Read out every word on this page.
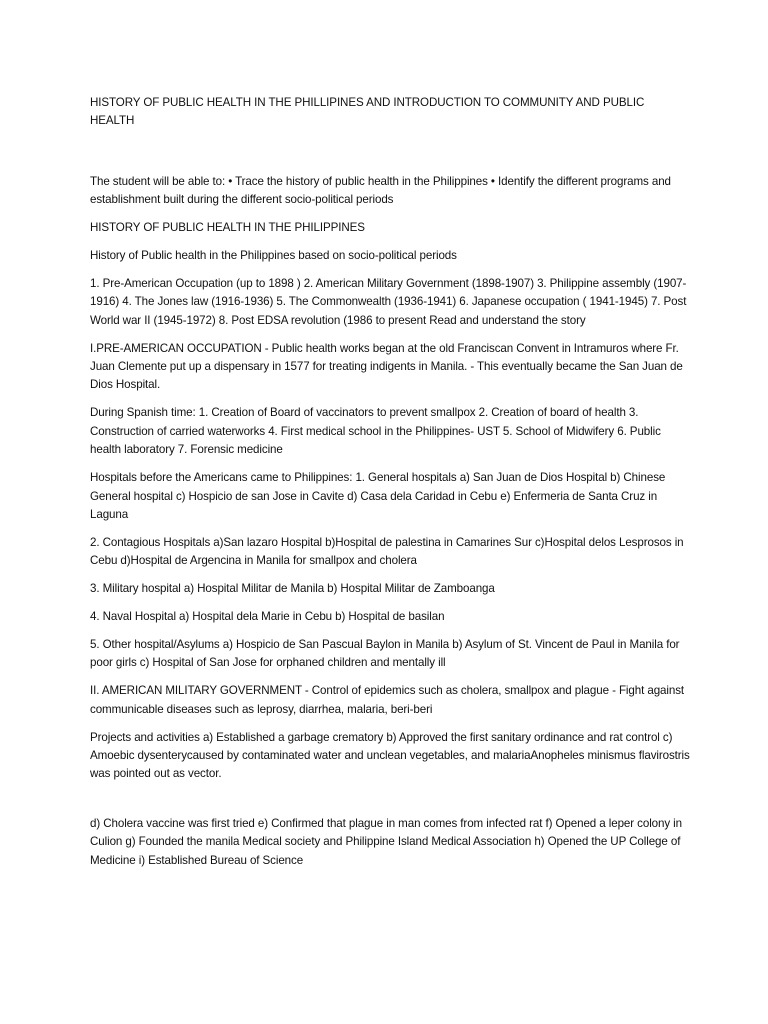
HISTORY OF PUBLIC HEALTH IN THE PHILLIPINES AND INTRODUCTION TO COMMUNITY AND PUBLIC HEALTH

The student will be able to: • Trace the history of public health in the Philippines • Identify the different programs and establishment built during the different socio-political periods

HISTORY OF PUBLIC HEALTH IN THE PHILIPPINES

History of Public health in the Philippines based on socio-political periods

1. Pre-American Occupation (up to 1898 ) 2. American Military Government (1898-1907) 3. Philippine assembly (1907-1916) 4. The Jones law (1916-1936) 5. The Commonwealth (1936-1941) 6. Japanese occupation ( 1941-1945) 7. Post World war II (1945-1972) 8. Post EDSA revolution (1986 to present Read and understand the story

I.PRE-AMERICAN OCCUPATION - Public health works began at the old Franciscan Convent in Intramuros where Fr. Juan Clemente put up a dispensary in 1577 for treating indigents in Manila. - This eventually became the San Juan de Dios Hospital.

During Spanish time: 1. Creation of Board of vaccinators to prevent smallpox 2. Creation of board of health 3. Construction of carried waterworks 4. First medical school in the Philippines- UST 5. School of Midwifery 6. Public health laboratory 7. Forensic medicine

Hospitals before the Americans came to Philippines: 1. General hospitals a) San Juan de Dios Hospital b) Chinese General hospital c) Hospicio de san Jose in Cavite d) Casa dela Caridad in Cebu e) Enfermeria de Santa Cruz in Laguna

2. Contagious Hospitals a)San lazaro Hospital b)Hospital de palestina in Camarines Sur c)Hospital delos Lesprosos in Cebu d)Hospital de Argencina in Manila for smallpox and cholera

3. Military hospital a) Hospital Militar de Manila b) Hospital Militar de Zamboanga

4. Naval Hospital a) Hospital dela Marie in Cebu b) Hospital de basilan

5. Other hospital/Asylums a) Hospicio de San Pascual Baylon in Manila b) Asylum of St. Vincent de Paul in Manila for poor girls c) Hospital of San Jose for orphaned children and mentally ill

II. AMERICAN MILITARY GOVERNMENT - Control of epidemics such as cholera, smallpox and plague - Fight against communicable diseases such as leprosy, diarrhea, malaria, beri-beri

Projects and activities a) Established a garbage crematory b) Approved the first sanitary ordinance and rat control c) Amoebic dysenterycaused by contaminated water and unclean vegetables, and malariaAnopheles minismus flavirostris was pointed out as vector.

d) Cholera vaccine was first tried e) Confirmed that plague in man comes from infected rat f) Opened a leper colony in Culion g) Founded the manila Medical society and Philippine Island Medical Association h) Opened the UP College of Medicine i) Established Bureau of Science
